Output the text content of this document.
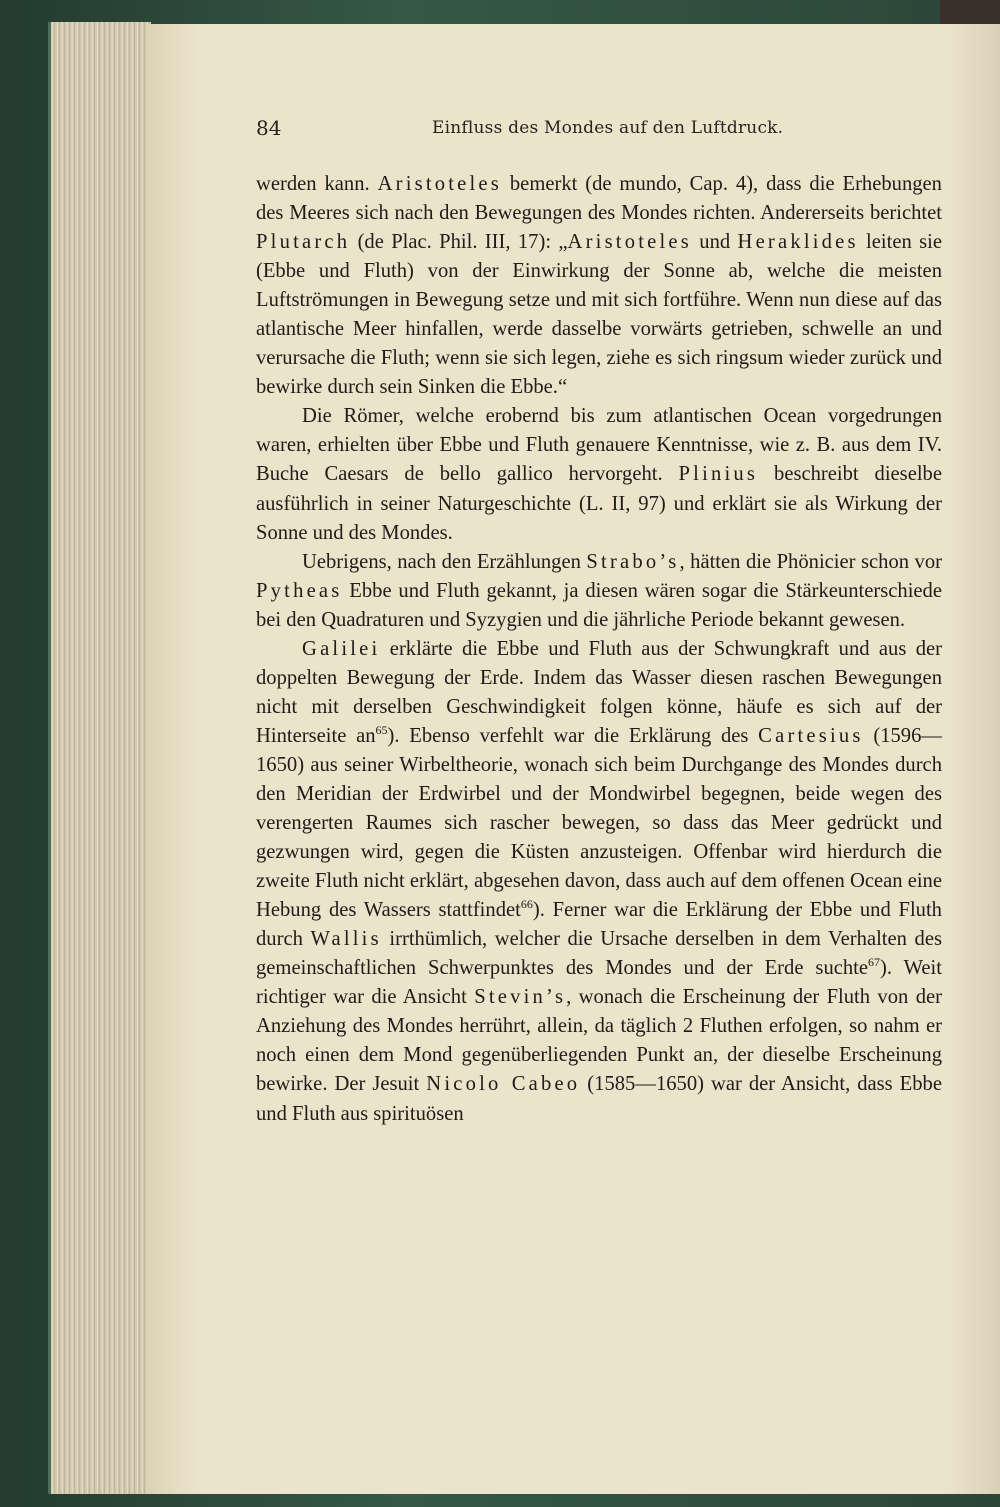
84	Einfluss des Mondes auf den Luftdruck.

werden kann. Aristoteles bemerkt (de mundo, Cap. 4), dass die Erhebungen des Meeres sich nach den Bewegungen des Mondes richten. Andererseits berichtet Plutarch (de Plac. Phil. III, 17): „Aristoteles und Heraklides leiten sie (Ebbe und Fluth) von der Einwirkung der Sonne ab, welche die meisten Luftströmungen in Bewegung setze und mit sich fortführe. Wenn nun diese auf das atlantische Meer hinfallen, werde dasselbe vorwärts getrieben, schwelle an und verursache die Fluth; wenn sie sich legen, ziehe es sich ringsum wieder zurück und bewirke durch sein Sinken die Ebbe.“

Die Römer, welche erobernd bis zum atlantischen Ocean vorgedrungen waren, erhielten über Ebbe und Fluth genauere Kenntnisse, wie z. B. aus dem IV. Buche Caesars de bello gallico hervorgeht. Plinius beschreibt dieselbe ausführlich in seiner Naturgeschichte (L. II, 97) und erklärt sie als Wirkung der Sonne und des Mondes.

Uebrigens, nach den Erzählungen Strabo’s, hätten die Phönicier schon vor Pytheas Ebbe und Fluth gekannt, ja diesen wären sogar die Stärkeunterschiede bei den Quadraturen und Syzygien und die jährliche Periode bekannt gewesen.

Galilei erklärte die Ebbe und Fluth aus der Schwungkraft und aus der doppelten Bewegung der Erde. Indem das Wasser diesen raschen Bewegungen nicht mit derselben Geschwindigkeit folgen könne, häufe es sich auf der Hinterseite $an^{65}$). Ebenso verfehlt war die Erklärung des Cartesius (1596—1650) aus seiner Wirbeltheorie, wonach sich beim Durchgange des Mondes durch den Meridian der Erdwirbel und der Mondwirbel begegnen, beide wegen des verengerten Raumes sich rascher bewegen, so dass das Meer gedrückt und gezwungen wird, gegen die Küsten anzusteigen. Offenbar wird hierdurch die zweite Fluth nicht erklärt, abgesehen davon, dass auch auf dem offenen Ocean eine Hebung des Wassers stattfindet$^{66}$). Ferner war die Erklärung der Ebbe und Fluth durch Wallis irrthümlich, welcher die Ursache derselben in dem Verhalten des gemeinschaftlichen Schwerpunktes des Mondes und der Erde suchte$^{67}$). Weit richtiger war die Ansicht Stevin’s, wonach die Erscheinung der Fluth von der Anziehung des Mondes herrührt, allein, da täglich 2 Fluthen erfolgen, so nahm er noch einen dem Mond gegenüberliegenden Punkt an, der dieselbe Erscheinung bewirke. Der Jesuit Nicolo Cabeo (1585—1650) war der Ansicht, dass Ebbe und Fluth aus spirituösen
